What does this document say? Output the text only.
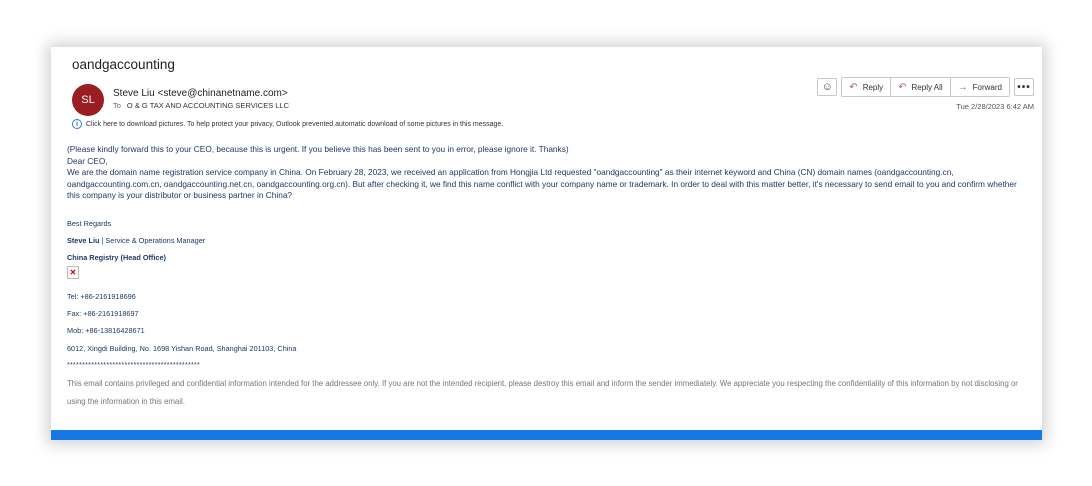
oandgaccounting
SL
Steve Liu <steve@chinanetname.com>
To O & G TAX AND ACCOUNTING SERVICES LLC
☺ ↶ Reply ↶ Reply All → Forward	•••
Tue 2/28/2023 6:42 AM
i	Click here to download pictures. To help protect your privacy, Outlook prevented automatic download of some pictures in this message.

(Please kindly forward this to your CEO, because this is urgent. If you believe this has been sent to you in error, please ignore it. Thanks)

Dear CEO,

We are the domain name registration service company in China. On February 28, 2023, we received an application from Hongjia Ltd requested "oandgaccounting" as their internet keyword and China (CN) domain names (oandgaccounting.cn, oandgaccounting.com.cn, oandgaccounting.net.cn, oandgaccounting.org.cn). But after checking it, we find this name conflict with your company name or trademark. In order to deal with this matter better, it's necessary to send email to you and confirm whether this company is your distributor or business partner in China?

Best Regards
Steve Liu | Service & Operations Manager
China Registry (Head Office)
✕
Tel: +86-2161918696
Fax: +86-2161918697
Mob: +86-13816428671
6012, Xingdi Building, No. 1698 Yishan Road, Shanghai 201103, China
********************************************
This email contains privileged and confidential information intended for the addressee only. If you are not the intended recipient, please destroy this email and inform the sender immediately. We appreciate you respecting the confidentiality of this information by not disclosing or using the information in this email.
